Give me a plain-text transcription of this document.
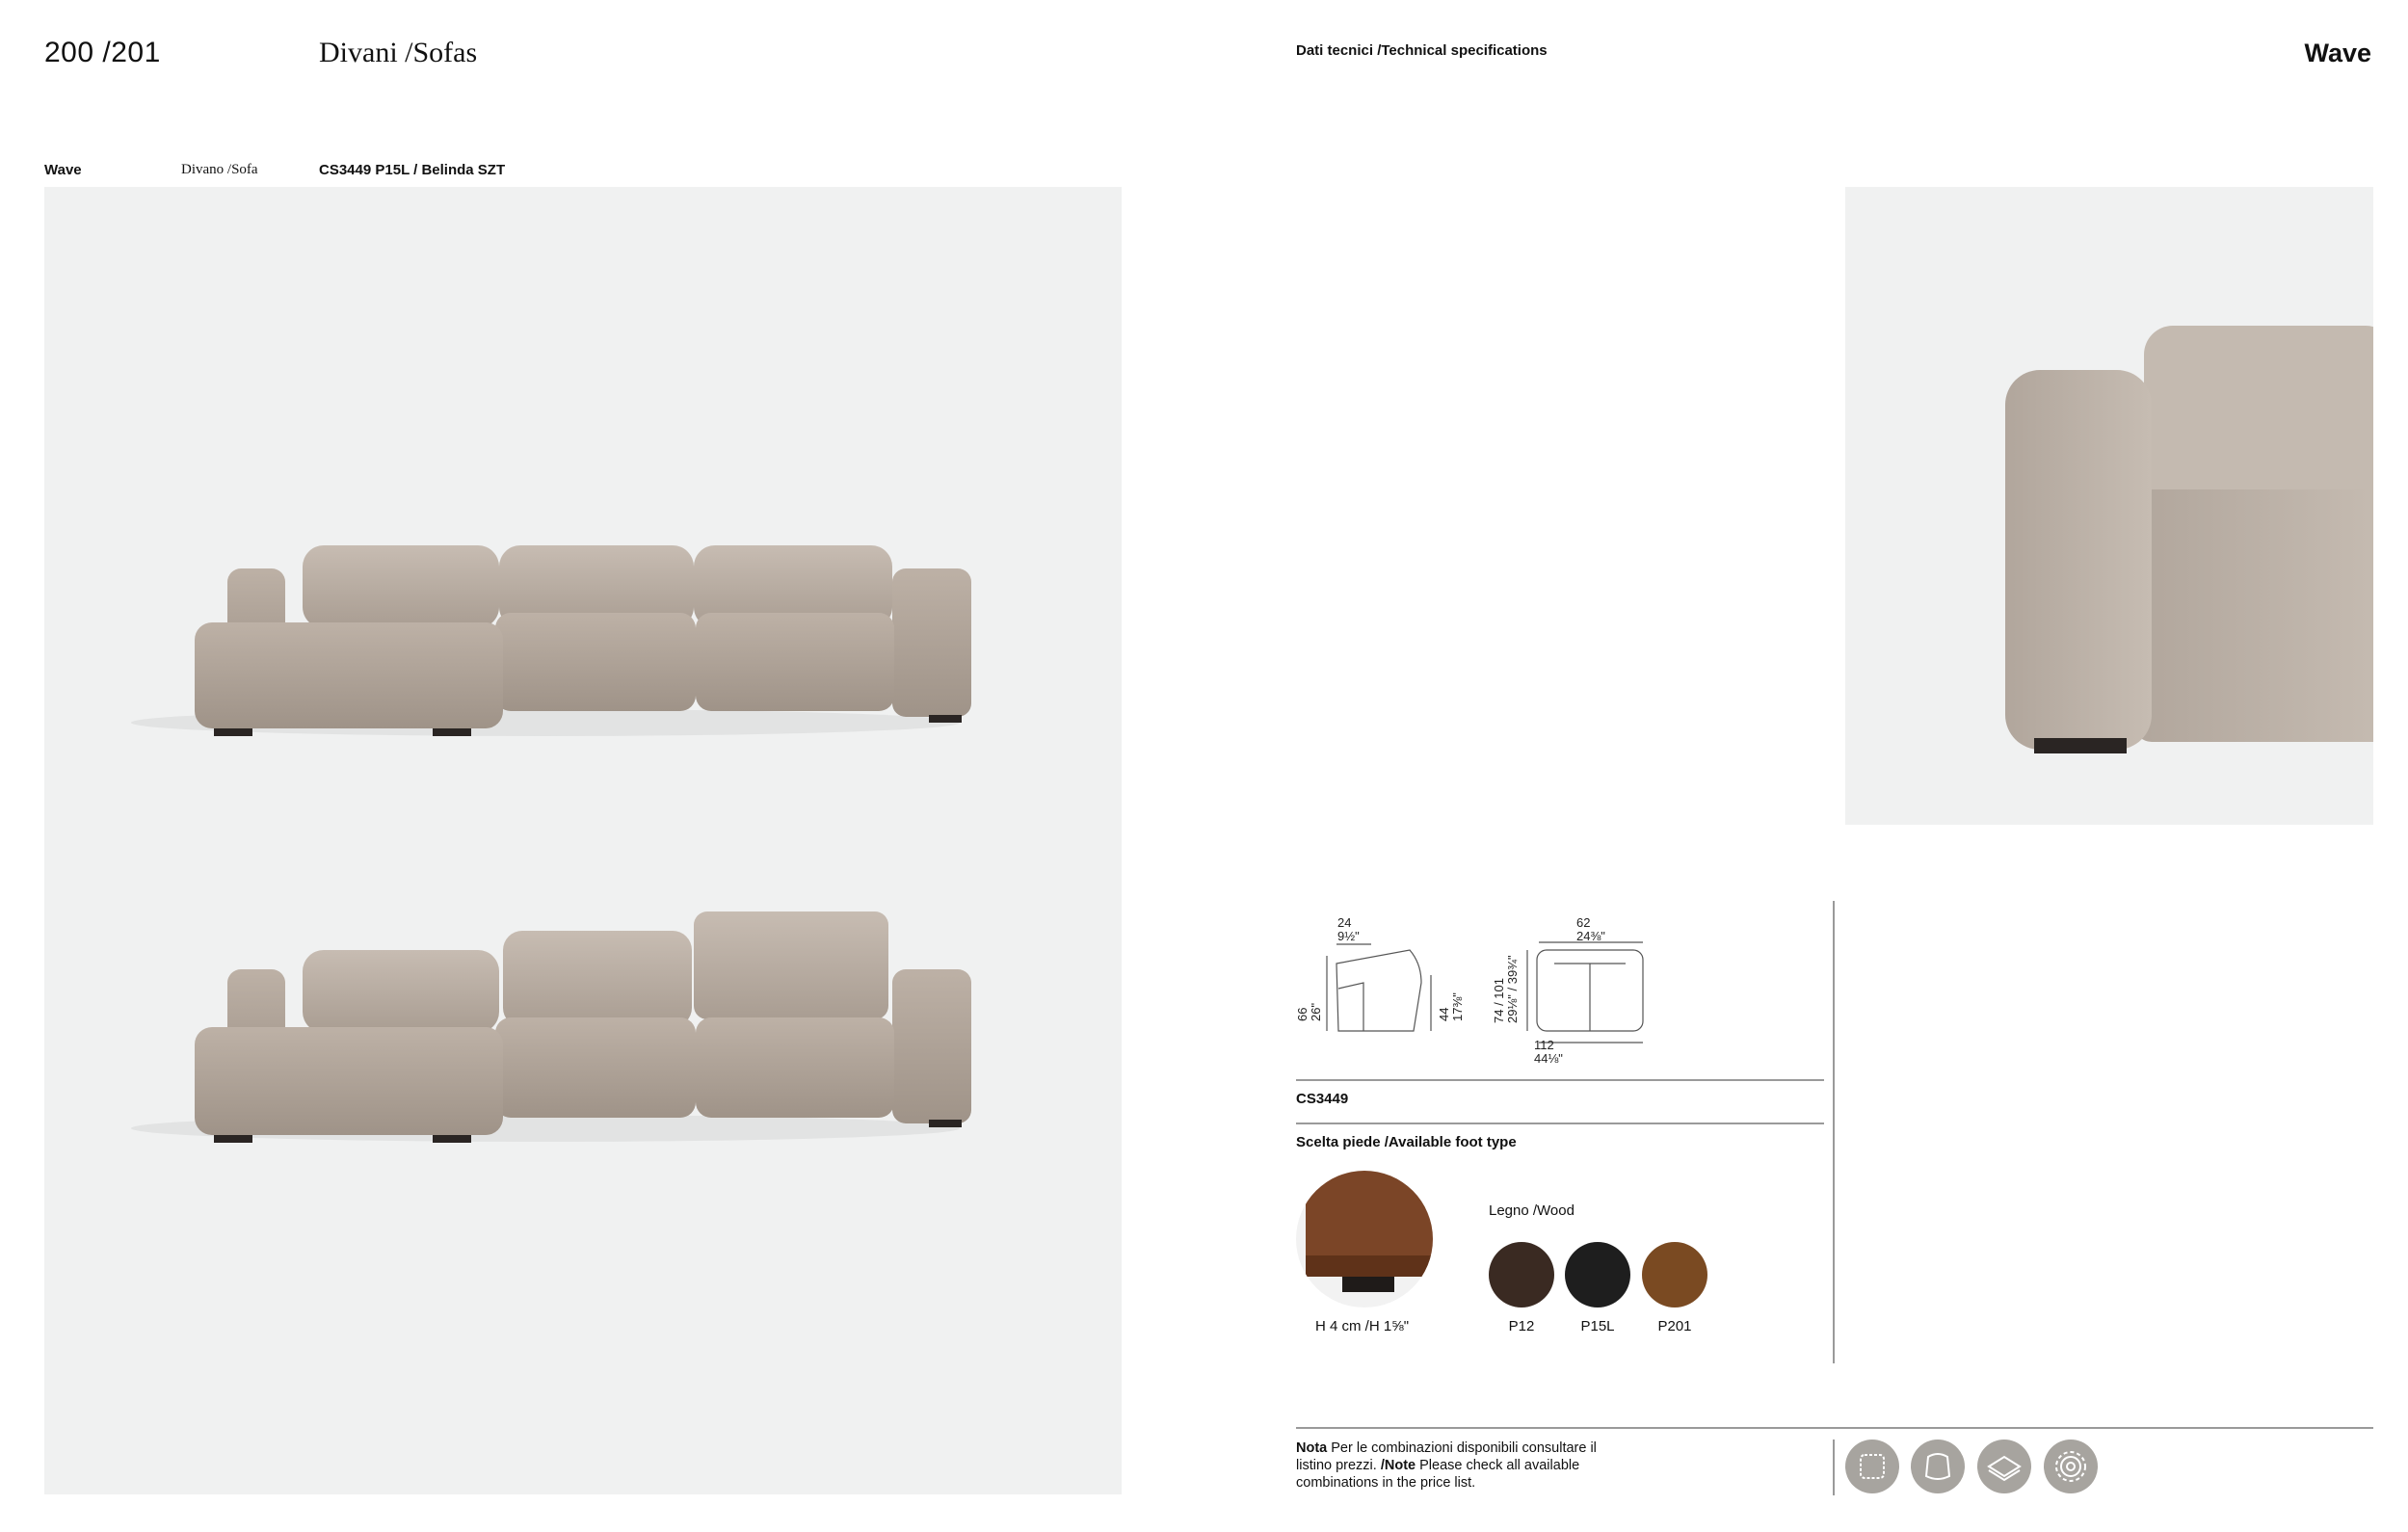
200 /201	Divani /Sofas	Dati tecnici /Technical specifications	Wave
Wave	Divano /Sofa	CS3449 P15L / Belinda SZT
24
9½"
66 26"	44 17⅜"
62
24⅜"
74 / 101 29⅛" / 39¾"
112
44⅛"
CS3449
Scelta piede /Available foot type
H 4 cm /H 1⅝"
Legno /Wood
P12	P15L	P201
Nota Per le combinazioni disponibili consultare il listino prezzi. /Note Please check all available combinations in the price list.
